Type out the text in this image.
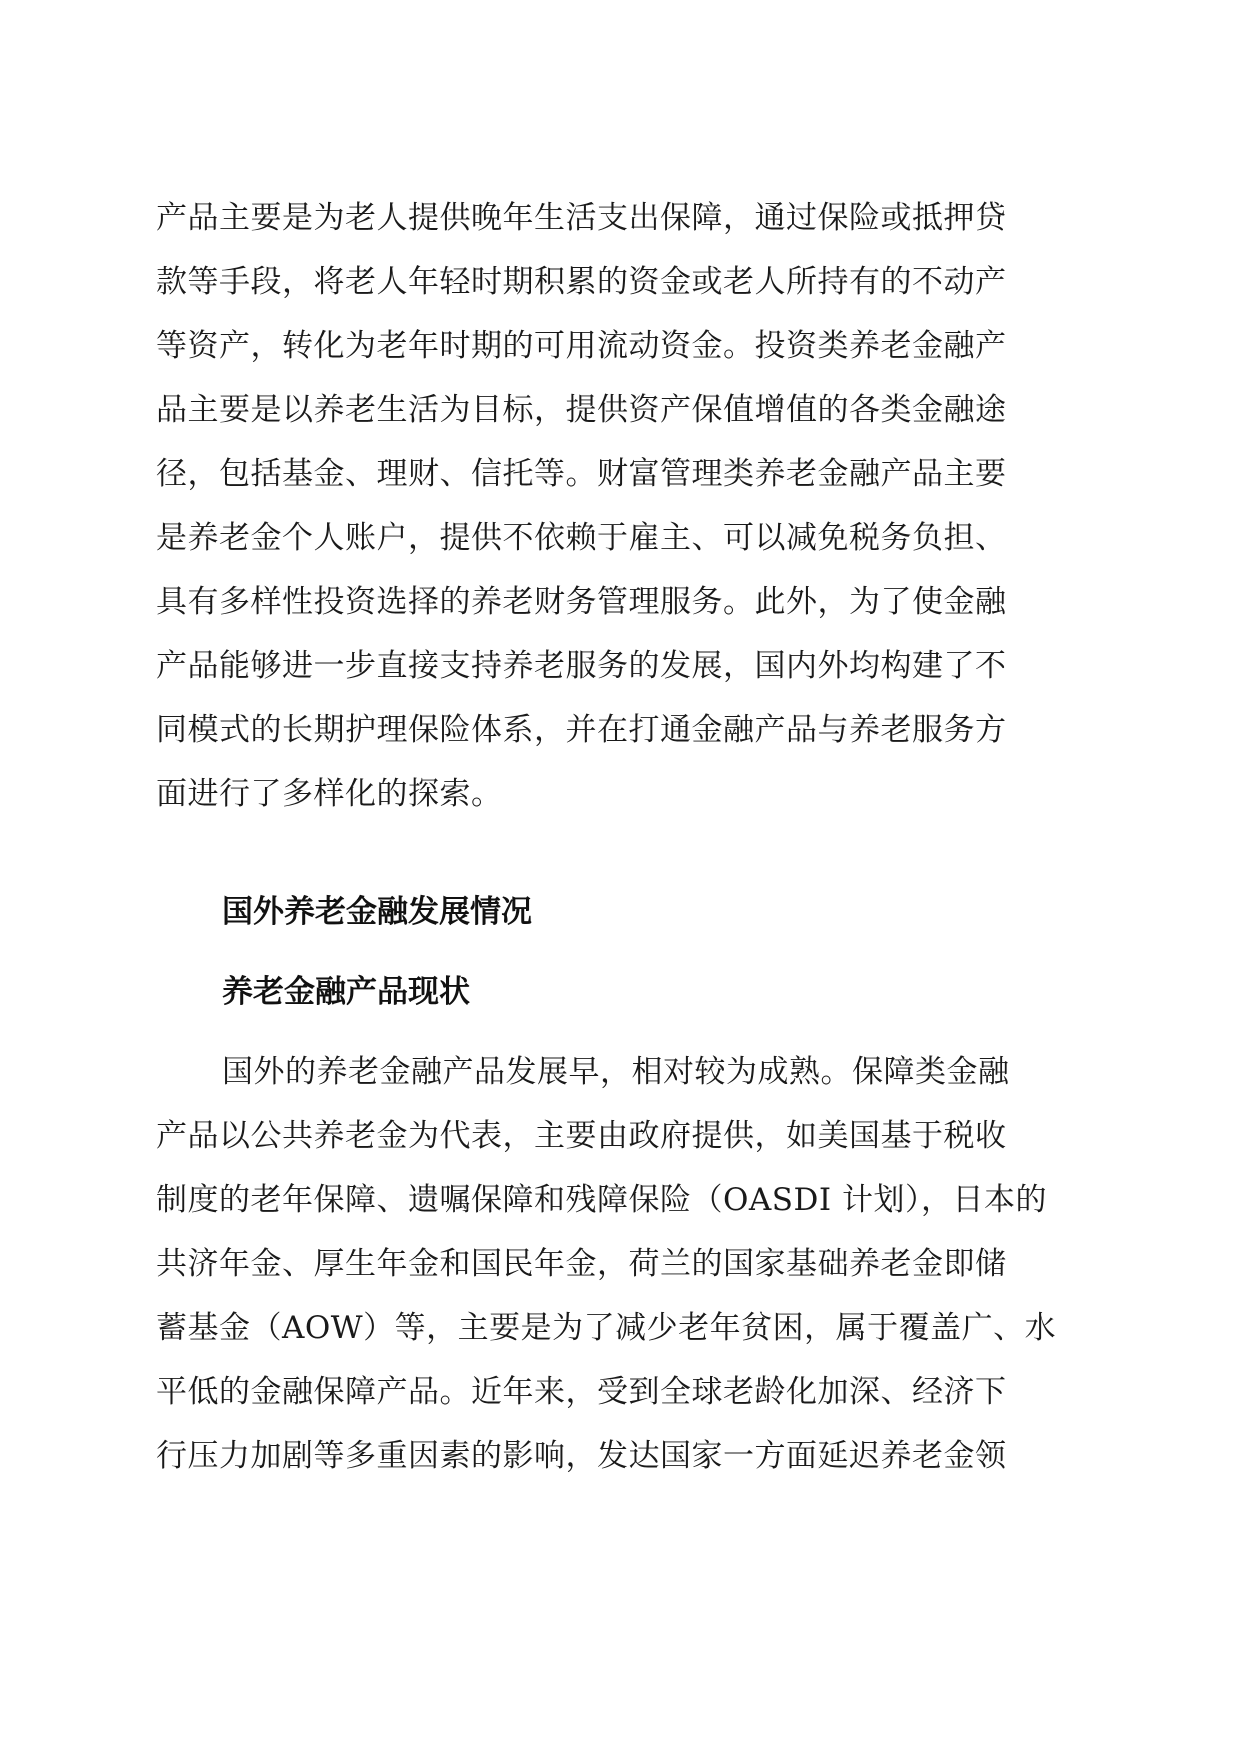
产品主要是为老人提供晚年生活支出保障，通过保险或抵押贷
款等手段，将老人年轻时期积累的资金或老人所持有的不动产
等资产，转化为老年时期的可用流动资金。投资类养老金融产
品主要是以养老生活为目标，提供资产保值增值的各类金融途
径，包括基金、理财、信托等。财富管理类养老金融产品主要
是养老金个人账户，提供不依赖于雇主、可以减免税务负担、
具有多样性投资选择的养老财务管理服务。此外，为了使金融
产品能够进一步直接支持养老服务的发展，国内外均构建了不
同模式的长期护理保险体系，并在打通金融产品与养老服务方
面进行了多样化的探索。
国外养老金融发展情况
养老金融产品现状
国外的养老金融产品发展早，相对较为成熟。保障类金融
产品以公共养老金为代表，主要由政府提供，如美国基于税收
制度的老年保障、遗嘱保障和残障保险（OASDI 计划），日本的
共济年金、厚生年金和国民年金，荷兰的国家基础养老金即储
蓄基金（AOW）等，主要是为了减少老年贫困，属于覆盖广、水
平低的金融保障产品。近年来，受到全球老龄化加深、经济下
行压力加剧等多重因素的影响，发达国家一方面延迟养老金领
